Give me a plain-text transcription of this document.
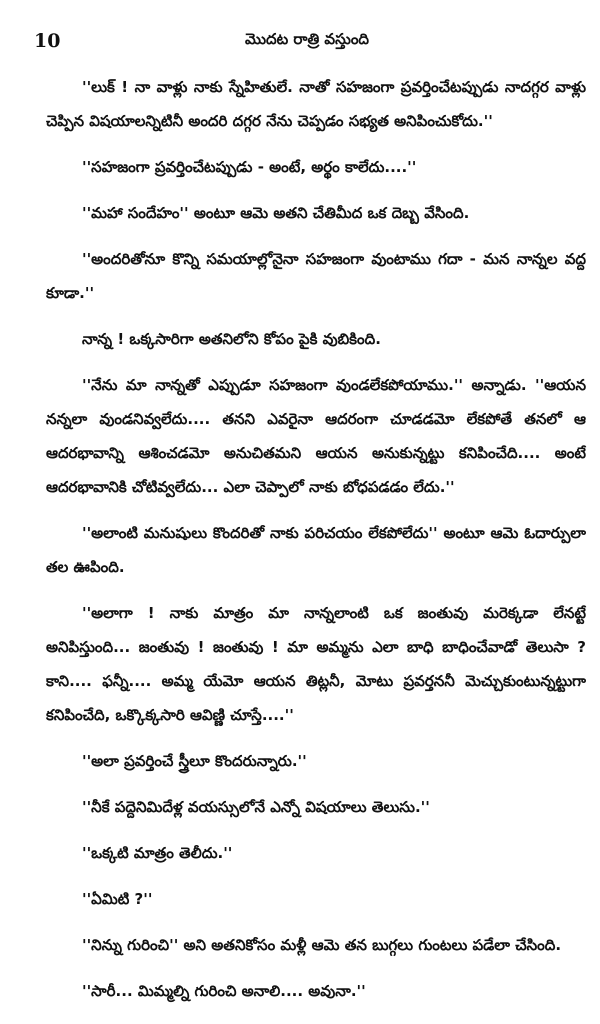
10	మొదట రాత్రి వస్తుంది

''లుక్ ! నా వాళ్లు నాకు స్నేహితులే. నాతో సహజంగా ప్రవర్తించేటప్పుడు నాదగ్గర వాళ్లు చెప్పిన విషయాలన్నిటినీ అందరి దగ్గర నేను చెప్పడం సభ్యత అనిపించుకోదు.''

''సహజంగా ప్రవర్తించేటప్పుడు - అంటే, అర్థం కాలేదు....''

''మహా సందేహం'' అంటూ ఆమె అతని చేతిమీద ఒక దెబ్బ వేసింది.

''అందరితోనూ కొన్ని సమయాల్లోనైనా సహజంగా వుంటాము గదా - మన నాన్నల వద్ద కూడా.''

నాన్న ! ఒక్కసారిగా అతనిలోని కోపం పైకి వుబికింది.

''నేను మా నాన్నతో ఎప్పుడూ సహజంగా వుండలేకపోయాము.'' అన్నాడు. ''ఆయన నన్నలా వుండనివ్వలేదు.... తనని ఎవరైనా ఆదరంగా చూడడమో లేకపోతే తనలో ఆ ఆదరభావాన్ని ఆశించడమో అనుచితమని ఆయన అనుకున్నట్టు కనిపించేది.... అంటే ఆదరభావానికి చోటివ్వలేదు... ఎలా చెప్పాలో నాకు బోధపడడం లేదు.''

''అలాంటి మనుషులు కొందరితో నాకు పరిచయం లేకపోలేదు'' అంటూ ఆమె ఓదార్పులా తల ఊపింది.

''అలాగా ! నాకు మాత్రం మా నాన్నలాంటి ఒక జంతువు మరెక్కడా లేనట్టే అనిపిస్తుంది... జంతువు ! జంతువు ! మా అమ్మను ఎలా బాధి బాధించేవాడో తెలుసా ? కాని.... ఫన్నీ.... అమ్మ యేమో ఆయన తిట్లనీ, మోటు ప్రవర్తననీ మెచ్చుకుంటున్నట్టుగా కనిపించేది, ఒక్కొక్కసారి ఆవిణ్ణి చూస్తే....''

''అలా ప్రవర్తించే స్త్రీలూ కొందరున్నారు.''

''నీకే పద్దెనిమిదేళ్ల వయస్సులోనే ఎన్నో విషయాలు తెలుసు.''

''ఒక్కటి మాత్రం తెలీదు.''

''ఏమిటి ?''

''నిన్ను గురించి'' అని అతనికోసం మళ్లీ ఆమె తన బుగ్గలు గుంటలు పడేలా చేసింది.

''సారీ... మిమ్మల్ని గురించి అనాలి.... అవునా.''
